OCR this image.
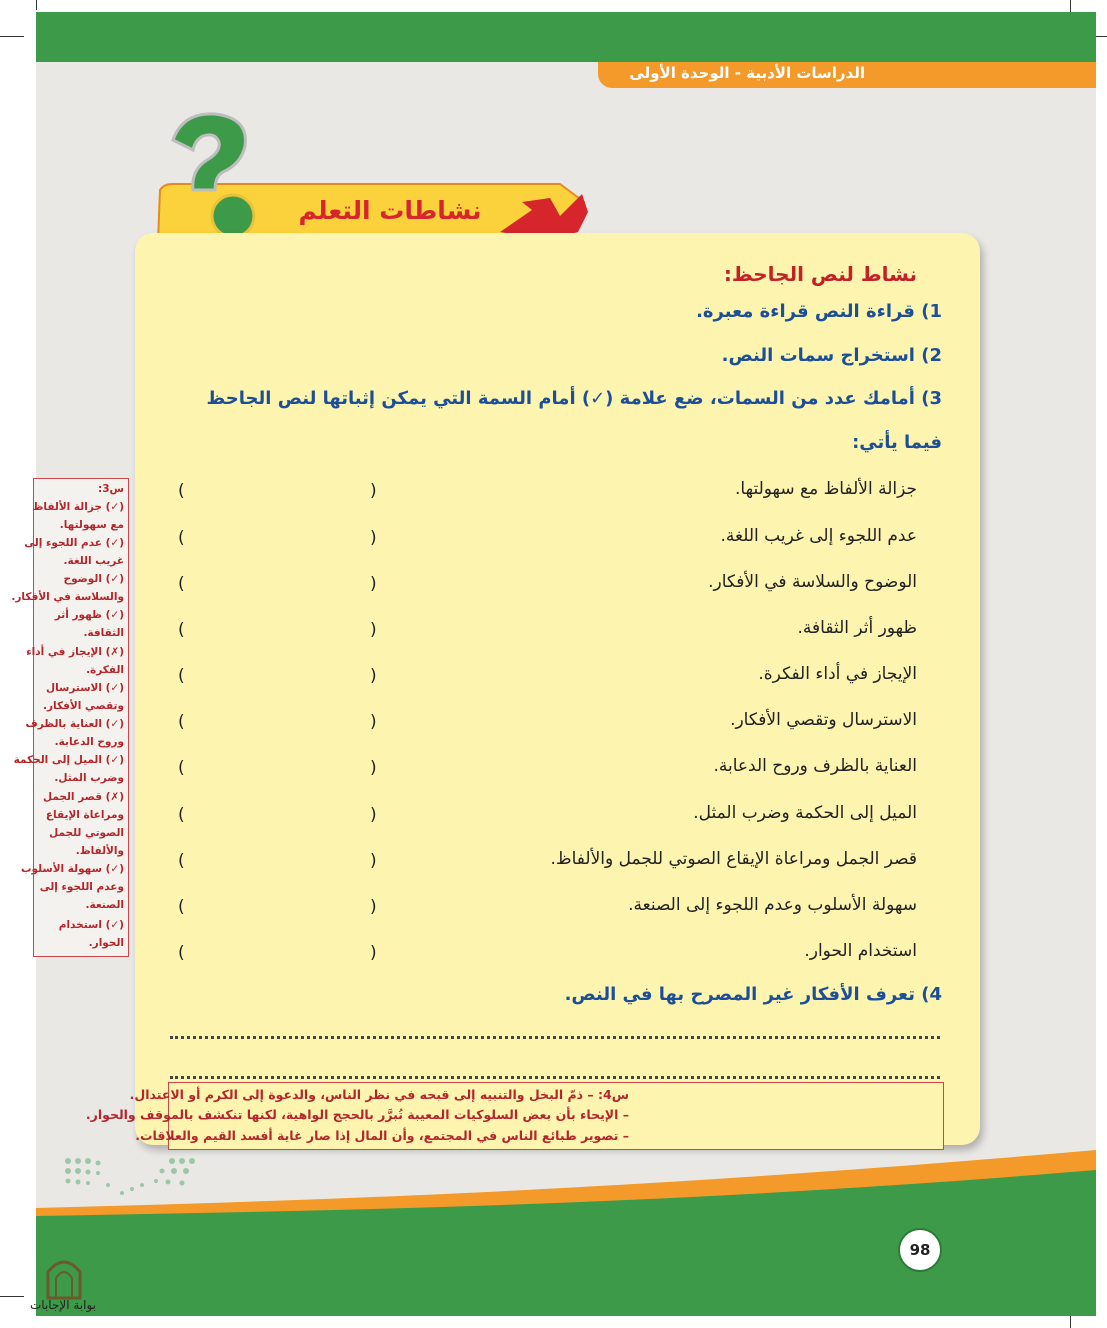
الدراسات الأدبية - الوحدة الأولى
نشاطات التعلم
نشاط لنص الجاحظ:
1) قراءة النص قراءة معبرة.
2) استخراج سمات النص.
3) أمامك عدد من السمات، ضع علامة (✓) أمام السمة التي يمكن إثباتها لنص الجاحظ
فيما يأتي:
جزالة الألفاظ مع سهولتها.
عدم اللجوء إلى غريب اللغة.
الوضوح والسلاسة في الأفكار.
ظهور أثر الثقافة.
الإيجاز في أداء الفكرة.
الاسترسال وتقصي الأفكار.
العناية بالظرف وروح الدعابة.
الميل إلى الحكمة وضرب المثل.
قصر الجمل ومراعاة الإيقاع الصوتي للجمل والألفاظ.
سهولة الأسلوب وعدم اللجوء إلى الصنعة.
استخدام الحوار.
)
(
)
(
)
(
)
(
)
(
)
(
)
(
)
(
)
(
)
(
)
(
4) تعرف الأفكار غير المصرح بها في النص.
س4: – ذمّ البخل والتنبيه إلى قبحه في نظر الناس، والدعوة إلى الكرم أو الاعتدال.
– الإيحاء بأن بعض السلوكيات المعيبة تُبرَّر بالحجج الواهية، لكنها تنكشف بالموقف والحوار.
– تصوير طبائع الناس في المجتمع، وأن المال إذا صار غاية أفسد القيم والعلاقات.
س3:
(✓) جزالة الألفاظ
مع سهولتها.
(✓) عدم اللجوء إلى
غريب اللغة.
(✓) الوضوح
والسلاسة في الأفكار.
(✓) ظهور أثر
الثقافة.
(✗) الإيجاز في أداء
الفكرة.
(✓) الاسترسال
وتقصي الأفكار.
(✓) العناية بالظرف
وروح الدعابة.
(✓) الميل إلى الحكمة
وضرب المثل.
(✗) قصر الجمل
ومراعاة الإيقاع
الصوتي للجمل
والألفاظ.
(✓) سهولة الأسلوب
وعدم اللجوء إلى
الصنعة.
(✓) استخدام
الحوار.
98
بوابة الإجابات
